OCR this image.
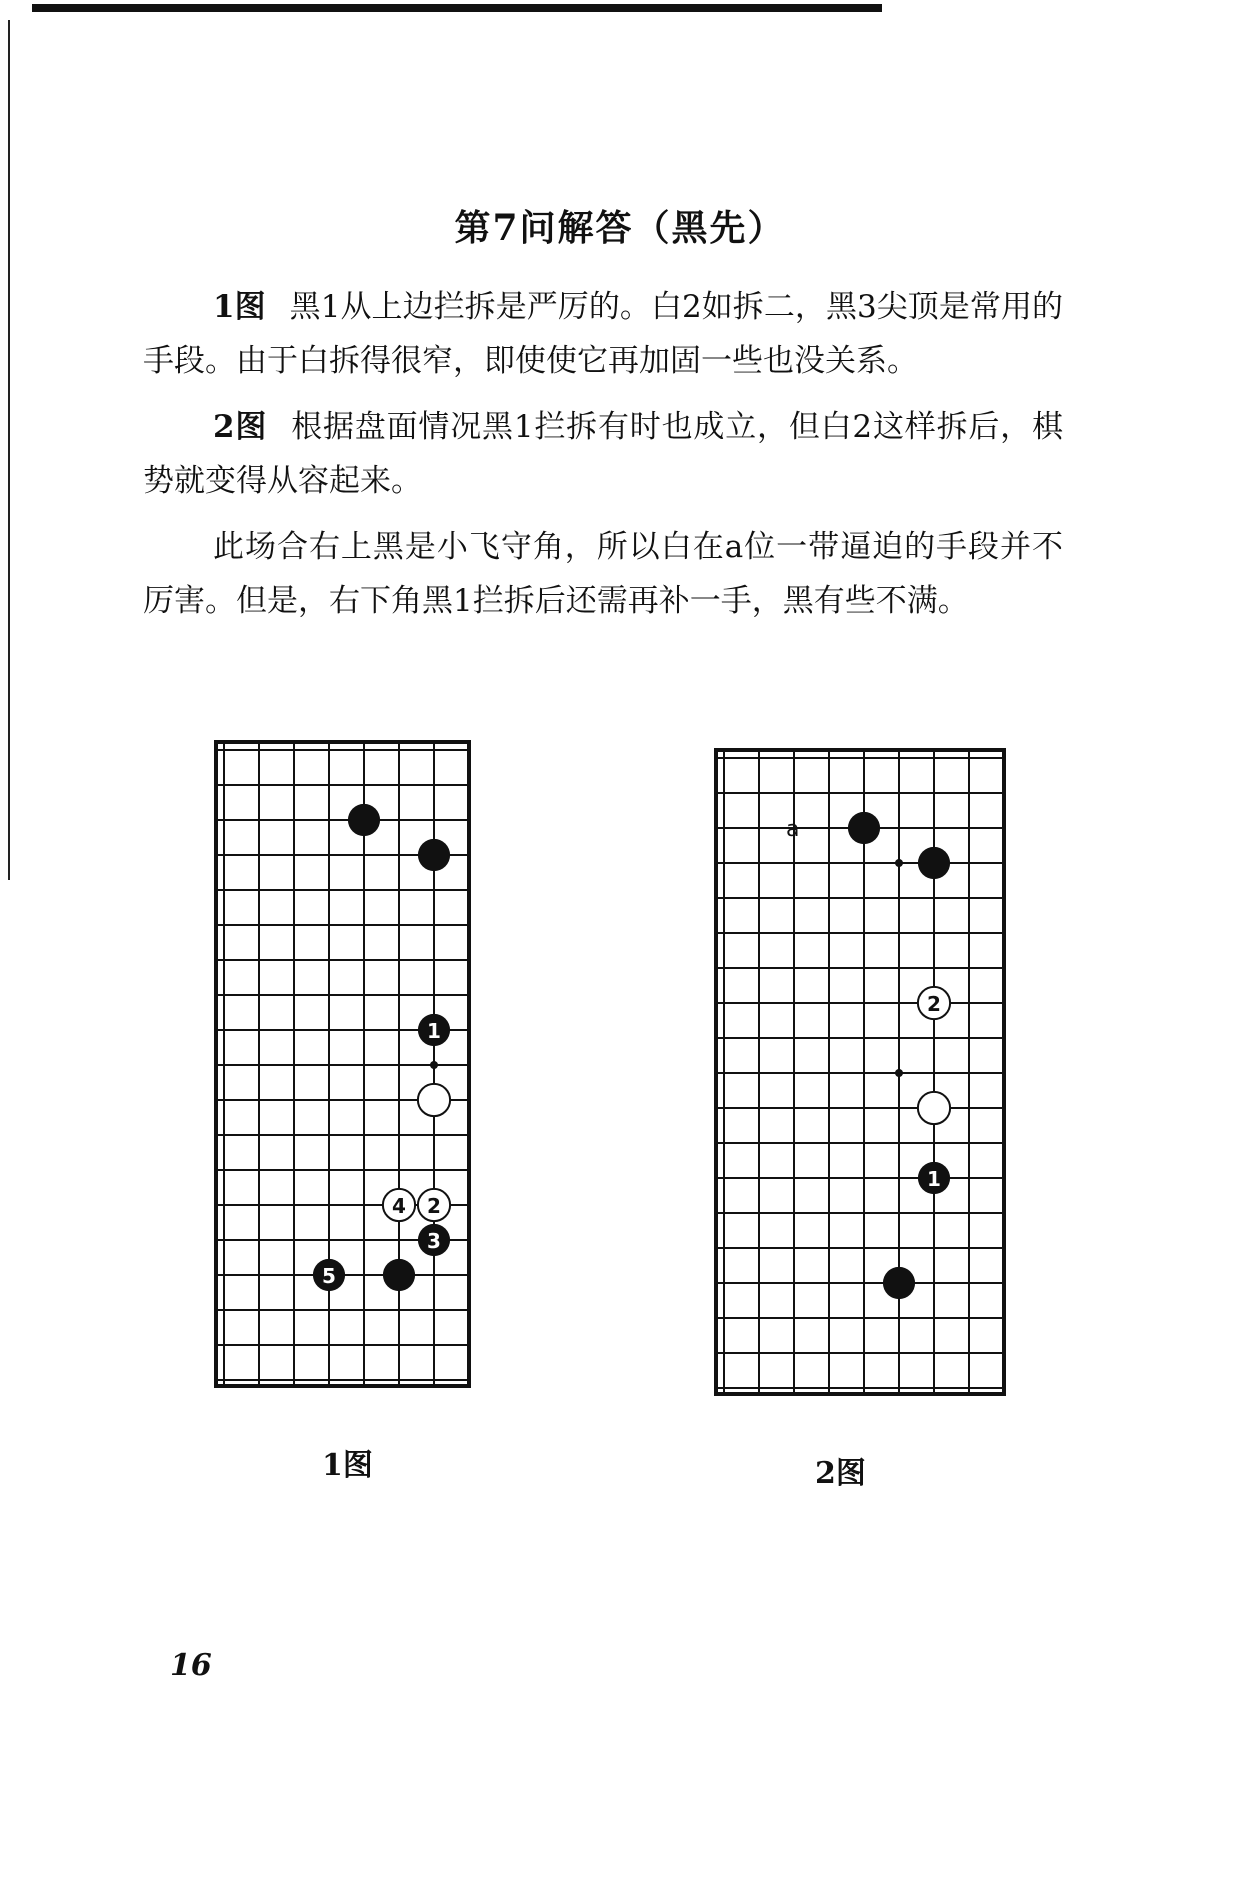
第7问解答（黑先）

1图 黑1从上边拦拆是严厉的。白2如拆二，黑3尖顶是常用的手段。由于白拆得很窄，即使使它再加固一些也没关系。

2图 根据盘面情况黑1拦拆有时也成立，但白2这样拆后，棋势就变得从容起来。

此场合右上黑是小飞守角，所以白在a位一带逼迫的手段并不厉害。但是，右下角黑1拦拆后还需再补一手，黑有些不满。

1
4 2
3
5
1图
2
1
a
2图
16
